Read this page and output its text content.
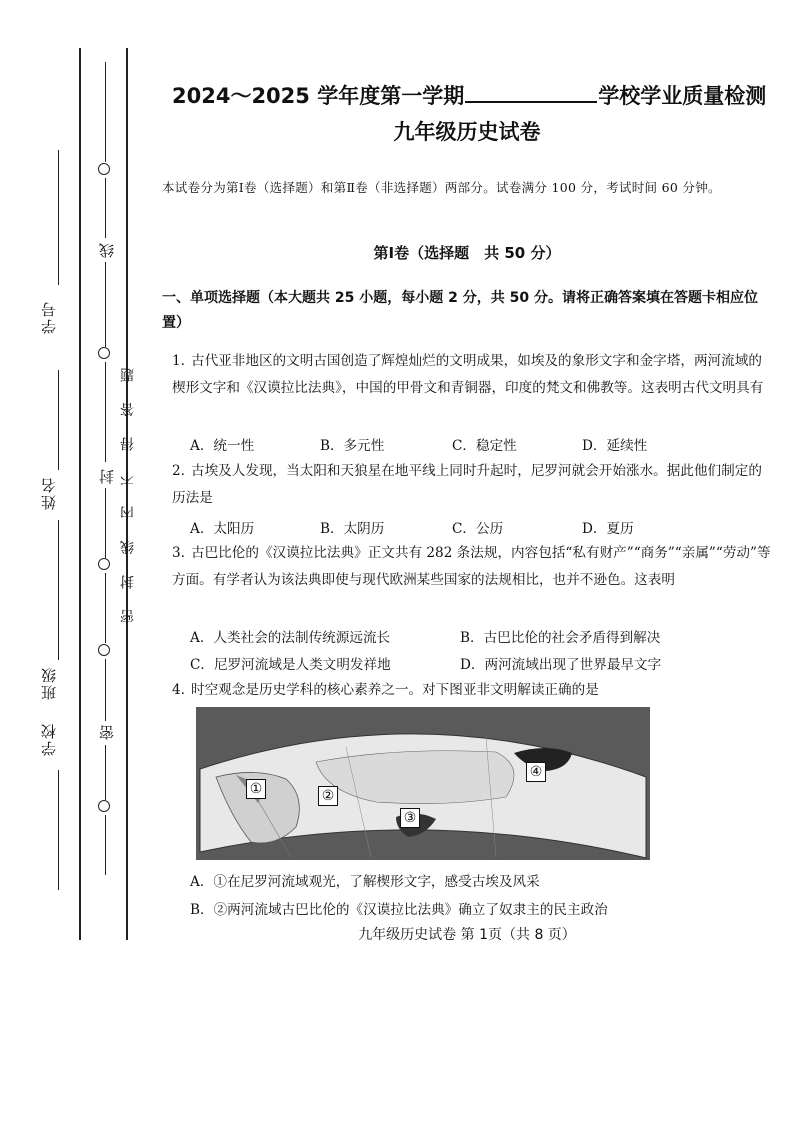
学号
姓名
班级
学校
线
封
密
密 封 线 内 不 得 答 题
2024～2025 学年度第一学期	学校学业质量检测
九年级历史试卷
本试卷分为第Ⅰ卷（选择题）和第Ⅱ卷（非选择题）两部分。试卷满分 100 分，考试时间 60 分钟。
第Ⅰ卷（选择题　共 50 分）
一、单项选择题（本大题共 25 小题，每小题 2 分，共 50 分。请将正确答案填在答题卡相应位置）
1. 古代亚非地区的文明古国创造了辉煌灿烂的文明成果，如埃及的象形文字和金字塔，两河流域的楔形文字和《汉谟拉比法典》，中国的甲骨文和青铜器，印度的梵文和佛教等。这表明古代文明具有
A．统一性	B．多元性	C．稳定性	D．延续性
2. 古埃及人发现，当太阳和天狼星在地平线上同时升起时，尼罗河就会开始涨水。据此他们制定的历法是
A．太阳历	B．太阴历	C．公历	D．夏历
3. 古巴比伦的《汉谟拉比法典》正文共有 282 条法规，内容包括“私有财产”“商务”“亲属”“劳动”等方面。有学者认为该法典即使与现代欧洲某些国家的法规相比，也并不逊色。这表明
A．人类社会的法制传统源远流长	B．古巴比伦的社会矛盾得到解决
C．尼罗河流域是人类文明发祥地	D．两河流域出现了世界最早文字
4. 时空观念是历史学科的核心素养之一。对下图亚非文明解读正确的是
①	②
③
④
A．①在尼罗河流域观光，了解楔形文字，感受古埃及风采
B．②两河流域古巴比伦的《汉谟拉比法典》确立了奴隶主的民主政治
九年级历史试卷 第 1页（共 8 页）
